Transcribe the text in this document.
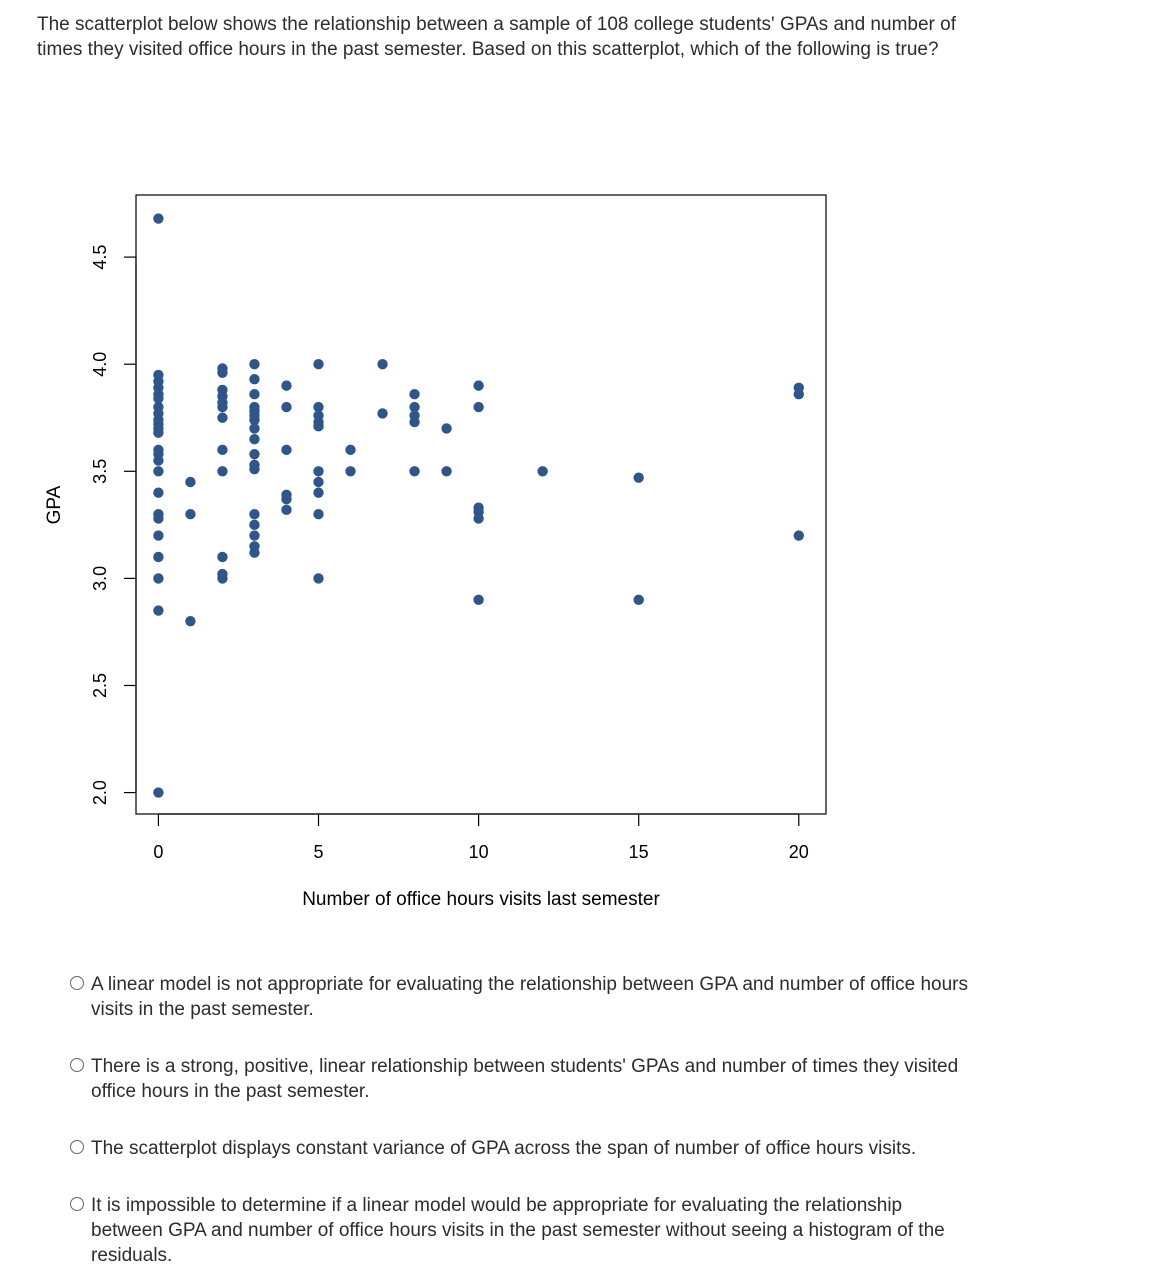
The scatterplot below shows the relationship between a sample of 108 college students' GPAs and number of times they visited office hours in the past semester. Based on this scatterplot, which of the following is true?
0	5	10	15	20
2.0
2.5
3.0
3.5
4.0
4.5
Number of office hours visits last semester
GPA
A linear model is not appropriate for evaluating the relationship between GPA and number of office hours visits in the past semester.
There is a strong, positive, linear relationship between students' GPAs and number of times they visited office hours in the past semester.
The scatterplot displays constant variance of GPA across the span of number of office hours visits.
It is impossible to determine if a linear model would be appropriate for evaluating the relationship between GPA and number of office hours visits in the past semester without seeing a histogram of the residuals.
